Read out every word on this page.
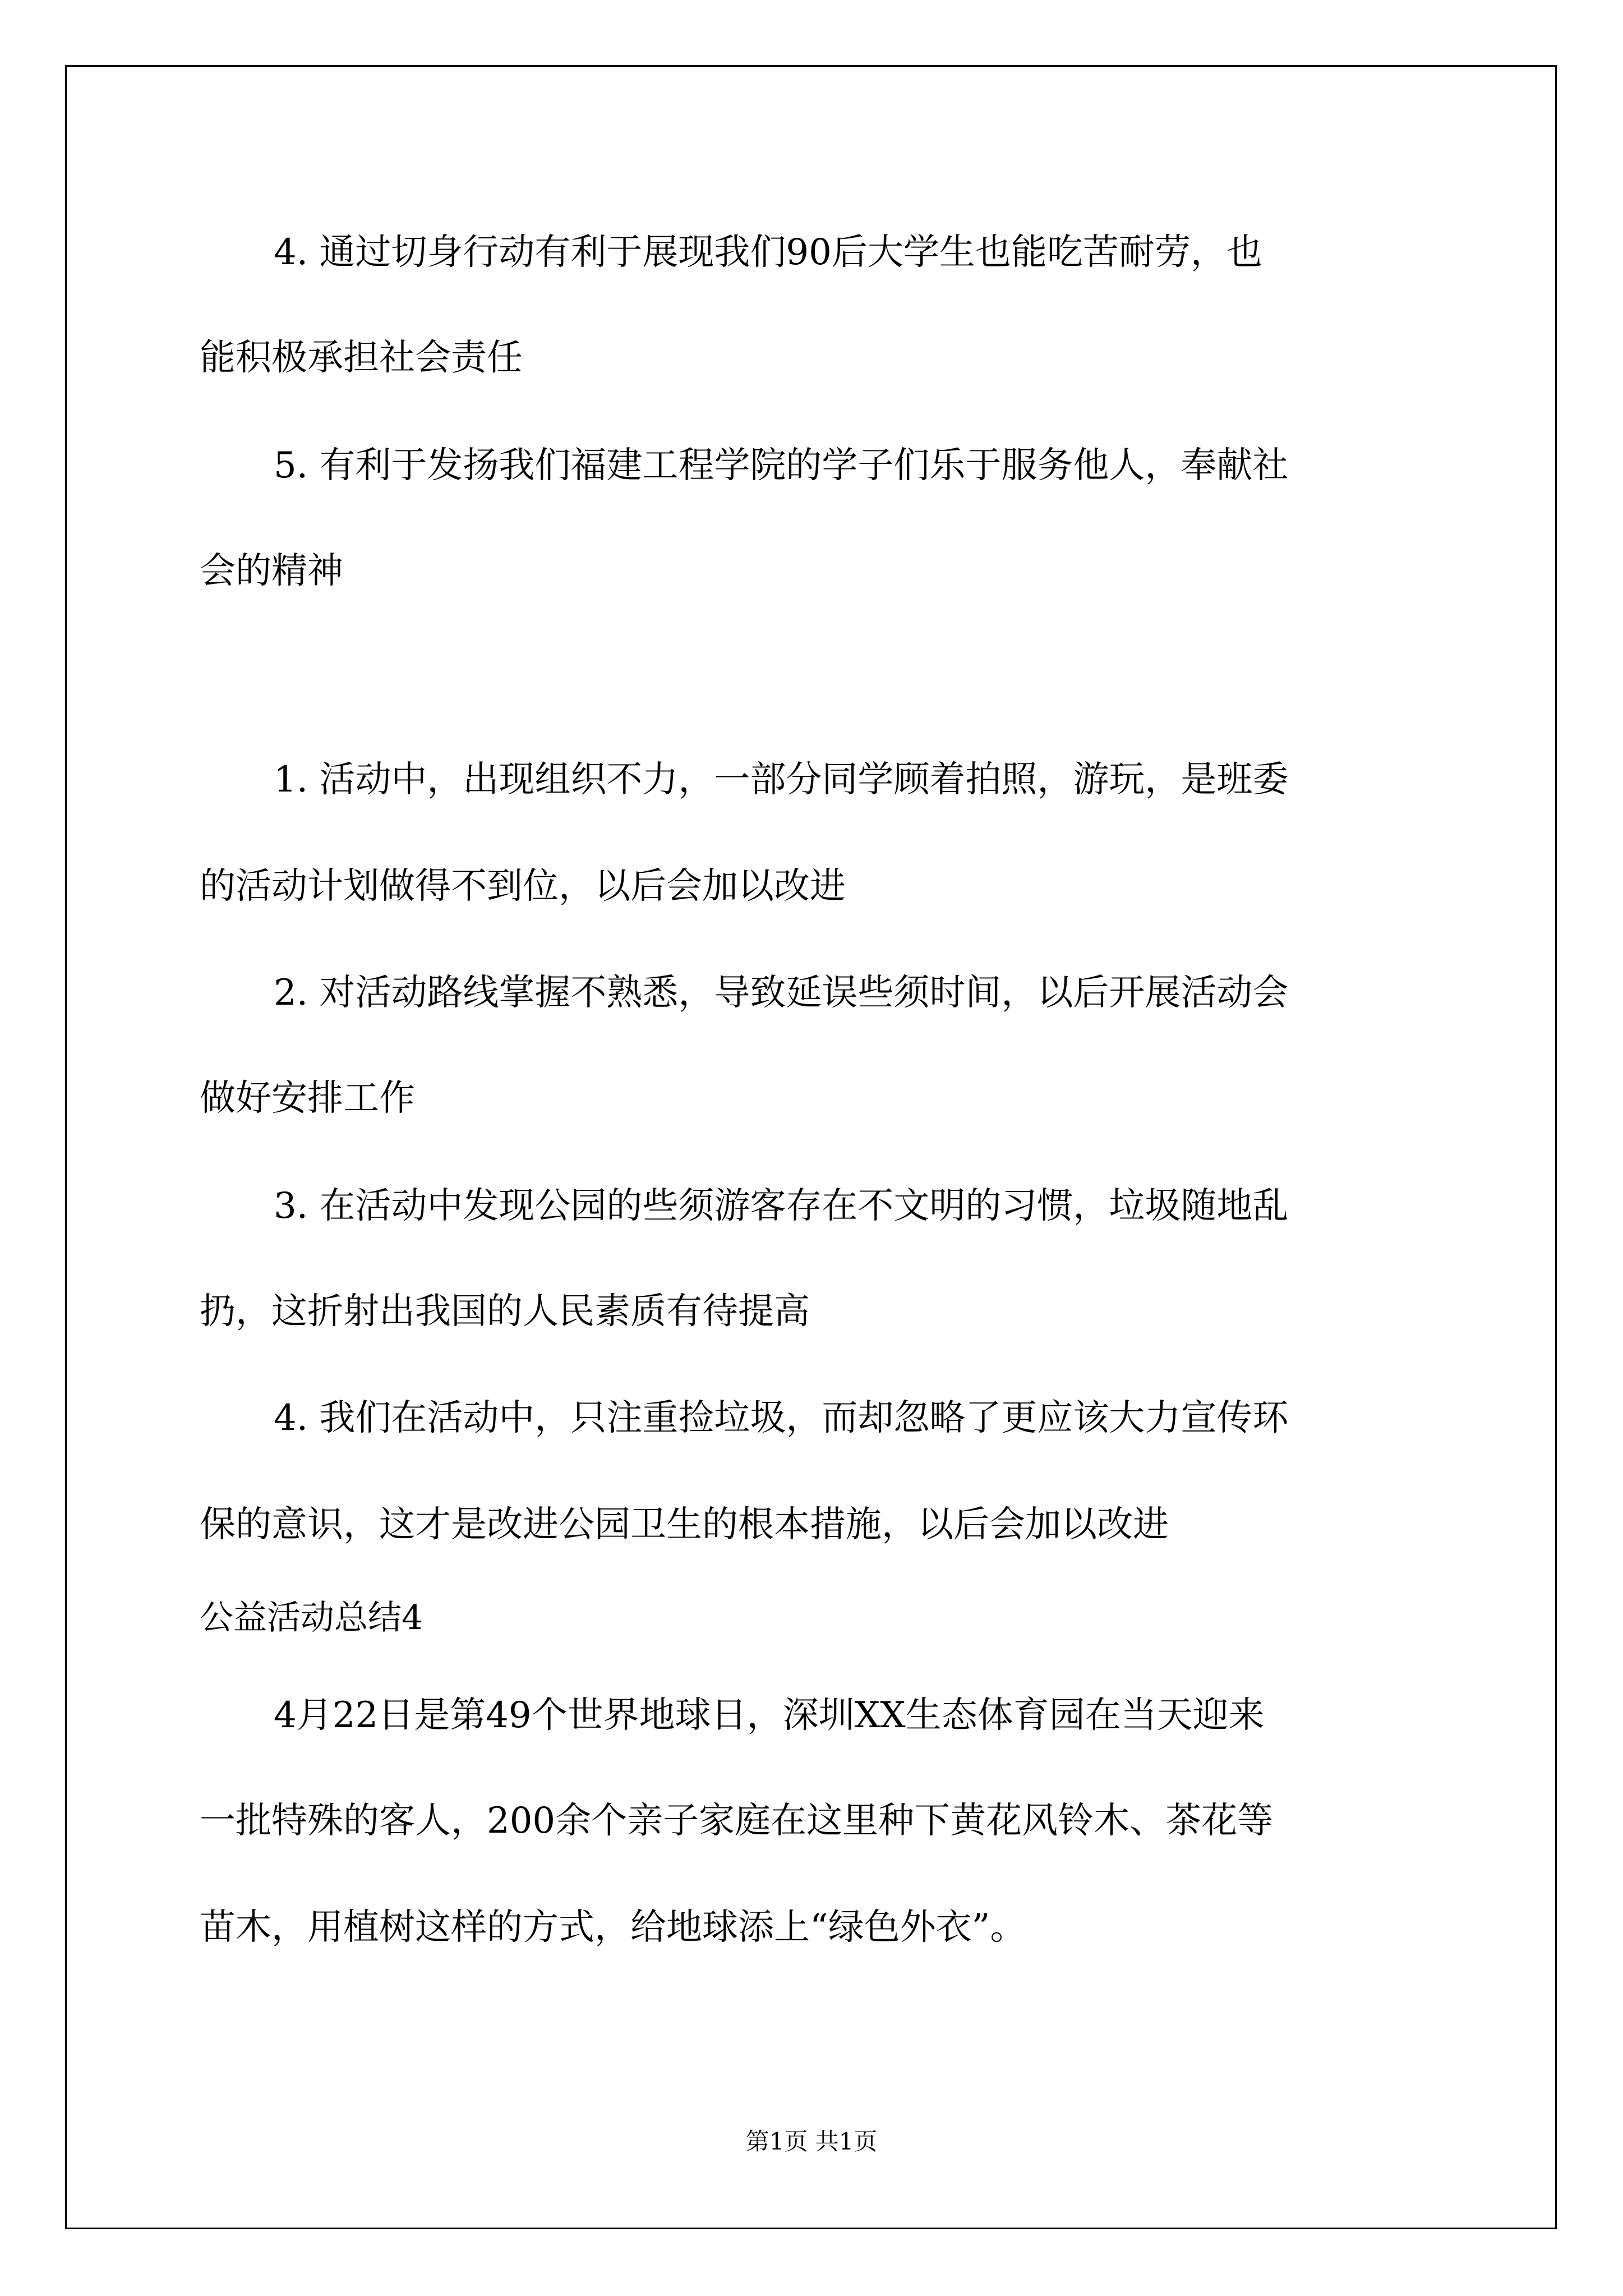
4. 通过切身行动有利于展现我们90后大学生也能吃苦耐劳，也
能积极承担社会责任
5. 有利于发扬我们福建工程学院的学子们乐于服务他人，奉献社
会的精神
1. 活动中，出现组织不力，一部分同学顾着拍照，游玩，是班委
的活动计划做得不到位，以后会加以改进
2. 对活动路线掌握不熟悉，导致延误些须时间，以后开展活动会
做好安排工作
3. 在活动中发现公园的些须游客存在不文明的习惯，垃圾随地乱
扔，这折射出我国的人民素质有待提高
4. 我们在活动中，只注重捡垃圾，而却忽略了更应该大力宣传环
保的意识，这才是改进公园卫生的根本措施，以后会加以改进
公益活动总结4
4月22日是第49个世界地球日，深圳XX生态体育园在当天迎来
一批特殊的客人，200余个亲子家庭在这里种下黄花风铃木、茶花等
苗木，用植树这样的方式，给地球添上“绿色外衣”。
第1页 共1页
